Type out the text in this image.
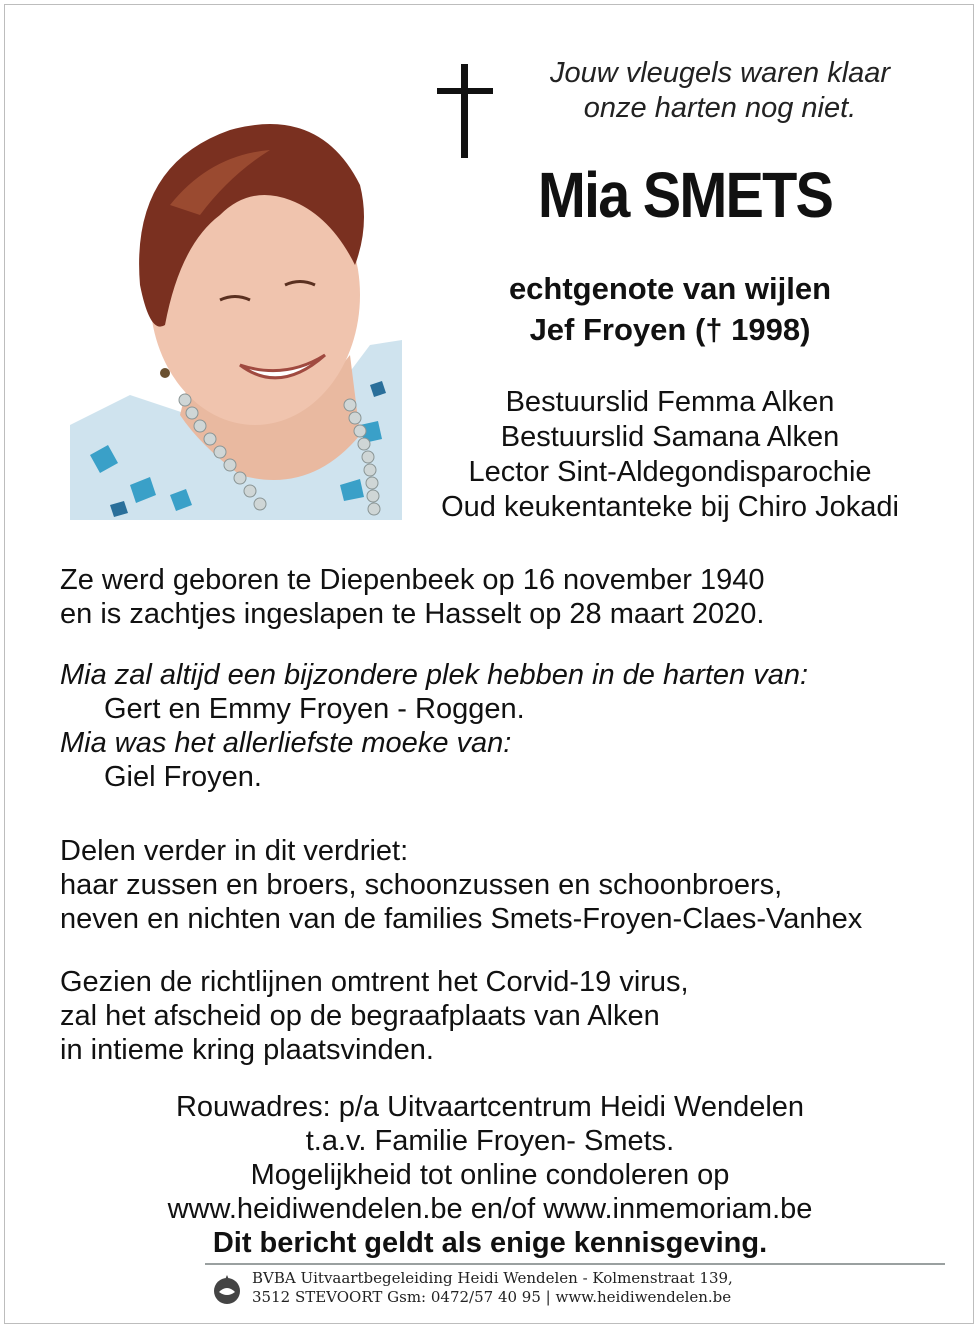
Jouw vleugels waren klaar
onze harten nog niet.
Mia SMETS
echtgenote van wijlen
Jef Froyen († 1998)
Bestuurslid Femma Alken
Bestuurslid Samana Alken
Lector Sint-Aldegondisparochie
Oud keukentanteke bij Chiro Jokadi
Ze werd geboren te Diepenbeek op 16 november 1940
en is zachtjes ingeslapen te Hasselt op 28 maart 2020.
Mia zal altijd een bijzondere plek hebben in de harten van:
Gert en Emmy Froyen - Roggen.
Mia was het allerliefste moeke van:
Giel Froyen.
Delen verder in dit verdriet:
haar zussen en broers, schoonzussen en schoonbroers,
neven en nichten van de families Smets-Froyen-Claes-Vanhex
Gezien de richtlijnen omtrent het Corvid-19 virus,
zal het afscheid op de begraafplaats van Alken
in intieme kring plaatsvinden.
Rouwadres: p/a Uitvaartcentrum Heidi Wendelen
t.a.v. Familie Froyen- Smets.
Mogelijkheid tot online condoleren op
www.heidiwendelen.be en/of www.inmemoriam.be
Dit bericht geldt als enige kennisgeving.
BVBA Uitvaartbegeleiding Heidi Wendelen - Kolmenstraat 139,
3512 STEVOORT Gsm: 0472/57 40 95 | www.heidiwendelen.be
